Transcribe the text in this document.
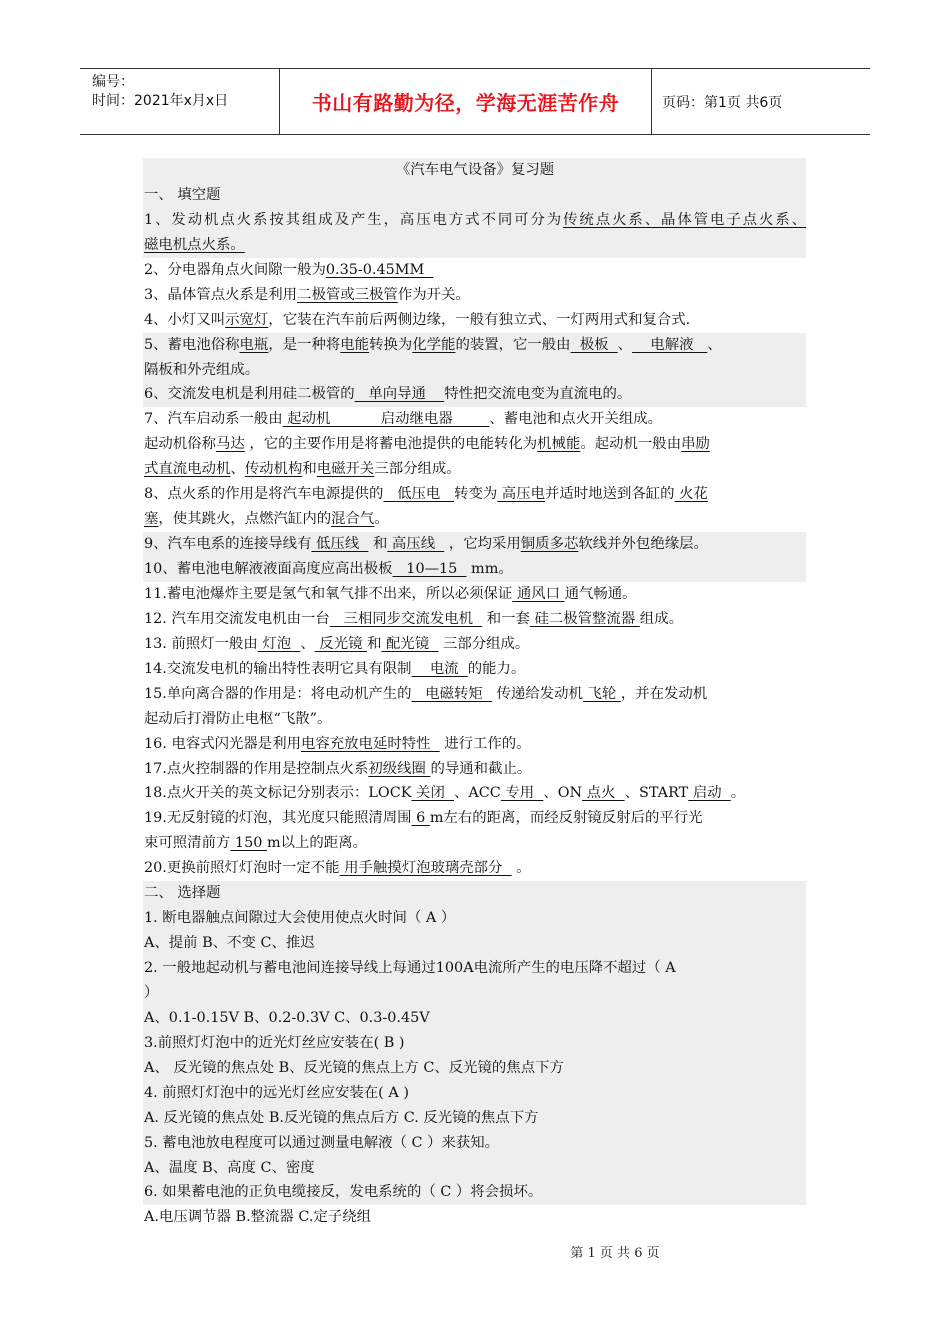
编号：
时间：2021年x月x日	书山有路勤为径，学海无涯苦作舟	页码：第1页 共6页
《汽车电气设备》复习题
一、 填空题
1、发动机点火系按其组成及产生，高压电方式不同可分为传统点火系、晶体管电子点火系、
磁电机点火系。
2、分电器角点火间隙一般为0.35-0.45MM
3、晶体管点火系是利用二极管或三极管作为开关。
4、小灯又叫示宽灯，它装在汽车前后两侧边缘，一般有独立式、一灯两用式和复合式.
5、蓄电池俗称电瓶，是一种将电能转换为化学能的装置，它一般由  极板  、    电解液   、
隔板和外壳组成。
6、交流发电机是利用硅二极管的   单向导通    特性把交流电变为直流电的。
7、汽车启动系一般由 起动机           启动继电器        、蓄电池和点火开关组成。
起动机俗称马达 ，它的主要作用是将蓄电池提供的电能转化为机械能。起动机一般由串励
式直流电动机、传动机构和电磁开关三部分组成。
8、点火系的作用是将汽车电源提供的   低压电   转变为 高压电并适时地送到各缸的 火花
塞，使其跳火，点燃汽缸内的混合气。
9、汽车电系的连接导线有 低压线   和 高压线   ，它均采用铜质多芯软线并外包绝缘层。
10、蓄电池电解液液面高度应高出极板   10—15   mm。
11.蓄电池爆炸主要是氢气和氧气排不出来，所以必须保证 通风口 通气畅通。
12. 汽车用交流发电机由一台   三相同步交流发电机   和一套 硅二极管整流器 组成。
13. 前照灯一般由 灯泡  、 反光镜 和 配光镜   三部分组成。
14.交流发电机的输出特性表明它具有限制    电流  的能力。
15.单向离合器的作用是：将电动机产生的   电磁转矩   传递给发动机 飞轮 ，并在发动机
起动后打滑防止电枢“飞散”。
16. 电容式闪光器是利用电容充放电延时特性   进行工作的。
17.点火控制器的作用是控制点火系初级线圈 的导通和截止。
18.点火开关的英文标记分别表示：LOCK 关闭  、ACC 专用  、ON 点火  、START 启动  。
19.无反射镜的灯泡，其光度只能照清周围 6 m左右的距离，而经反射镜反射后的平行光
束可照清前方 150 m以上的距离。
20.更换前照灯灯泡时一定不能 用手触摸灯泡玻璃壳部分   。
二、 选择题
1. 断电器触点间隙过大会使用使点火时间（ A ）
A、提前 B、不变 C、推迟
2. 一般地起动机与蓄电池间连接导线上每通过100A电流所产生的电压降不超过（ A
）
A、0.1-0.15V B、0.2-0.3V C、0.3-0.45V
3.前照灯灯泡中的近光灯丝应安装在( B )
A、 反光镜的焦点处 B、反光镜的焦点上方 C、反光镜的焦点下方
4. 前照灯灯泡中的远光灯丝应安装在( A )
A. 反光镜的焦点处 B.反光镜的焦点后方 C. 反光镜的焦点下方
5. 蓄电池放电程度可以通过测量电解液（ C ）来获知。
A、温度 B、高度 C、密度
6. 如果蓄电池的正负电缆接反，发电系统的（ C ）将会损坏。
A.电压调节器 B.整流器 C.定子绕组
第 1 页 共 6 页
